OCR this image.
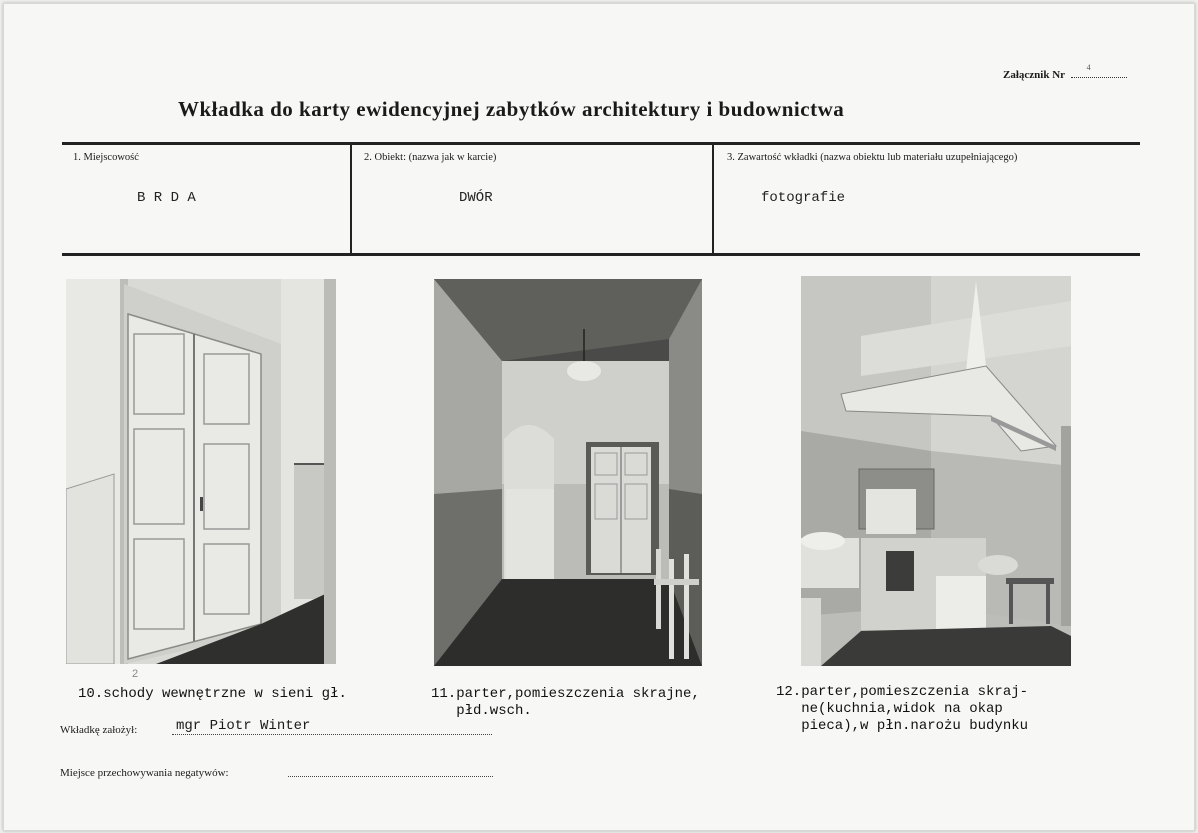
Załącznik Nr
4
Wkładka do karty ewidencyjnej zabytków architektury i budownictwa
1. Miejscowość
B R D A
2. Obiekt: (nazwa jak w karcie)
DWÓR
3. Zawartość wkładki (nazwa obiektu lub materiału uzupełniającego)
fotografie
2
10.schody wewnętrzne w sieni gł.	11.parter,pomieszczenia skrajne,
płd.wsch.
12.parter,pomieszczenia skraj-
ne(kuchnia,widok na okap
pieca),w płn.narożu budynku
Wkładkę założył:	mgr Piotr Winter
Miejsce przechowywania negatywów:
